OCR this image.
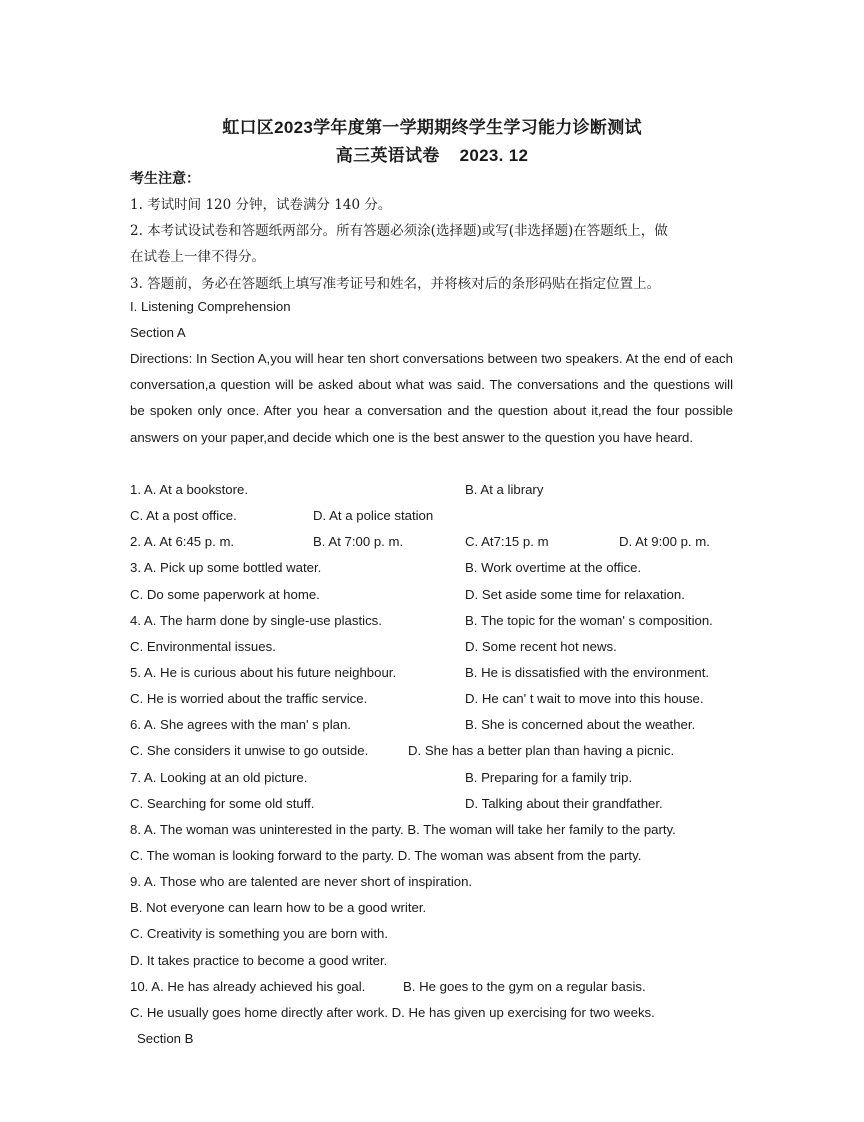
虹口区2023学年度第一学期期终学生学习能力诊断测试
高三英语试卷    2023. 12
考生注意：
1. 考试时间 120 分钟，试卷满分 140 分。
2. 本考试设试卷和答题纸两部分。所有答题必须涂(选择题)或写(非选择题)在答题纸上，做
在试卷上一律不得分。
3. 答题前，务必在答题纸上填写准考证号和姓名，并将核对后的条形码贴在指定位置上。
I. Listening Comprehension
Section A
Directions: In Section A,you will hear ten short conversations between two speakers. At the end of each conversation,a question will be asked about what was said. The conversations and the questions will be spoken only once. After you hear a conversation and the question about it,read the four possible answers on your paper,and decide which one is the best answer to the question you have heard.
1. A. At a bookstore.	B. At a library
C. At a post office.	D. At a police station
2. A. At 6:45 p. m.	B. At 7:00 p. m.	C. At7:15 p. m	D. At 9:00 p. m.
3. A. Pick up some bottled water.	B. Work overtime at the office.
C. Do some paperwork at home.	D. Set aside some time for relaxation.
4. A. The harm done by single-use plastics.	B. The topic for the woman' s composition.
C. Environmental issues.	D. Some recent hot news.
5. A. He is curious about his future neighbour.	B. He is dissatisfied with the environment.
C. He is worried about the traffic service.	D. He can' t wait to move into this house.
6. A. She agrees with the man' s plan.	B. She is concerned about the weather.
C. She considers it unwise to go outside.	D. She has a better plan than having a picnic.
7. A. Looking at an old picture.	B. Preparing for a family trip.
C. Searching for some old stuff.	D. Talking about their grandfather.
8. A. The woman was uninterested in the party. B. The woman will take her family to the party.
C. The woman is looking forward to the party. D. The woman was absent from the party.
9. A. Those who are talented are never short of inspiration.
B. Not everyone can learn how to be a good writer.
C. Creativity is something you are born with.
D. It takes practice to become a good writer.
10. A. He has already achieved his goal.	B. He goes to the gym on a regular basis.
C. He usually goes home directly after work. D. He has given up exercising for two weeks.
Section B
